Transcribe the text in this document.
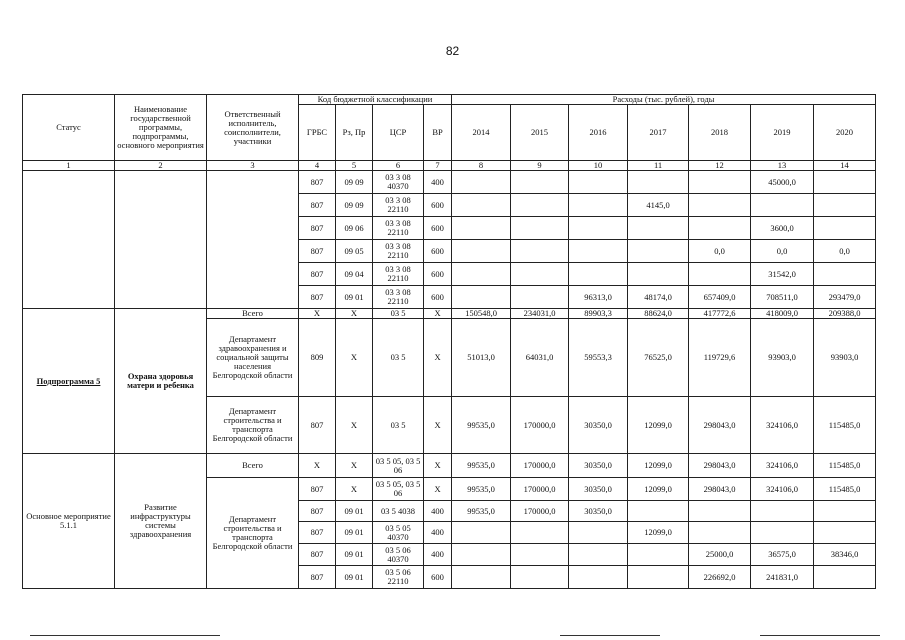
82
Статус	Наименование государственной программы, подпрограммы, основного мероприятия	Ответственный исполнитель, соисполнители, участники	Код бюджетной классификации				Расходы (тыс. рублей), годы						
			ГРБС	Рз, Пр	ЦСР	ВР	2014	2015	2016	2017	2018	2019	2020
1	2	3	4	5	6	7	8	9	10	11	12	13	14
			807	09 09	03 3 08 40370	400						45000,0	
			807	09 09	03 3 08 22110	600				4145,0			
			807	09 06	03 3 08 22110	600						3600,0	
			807	09 05	03 3 08 22110	600					0,0	0,0	0,0
			807	09 04	03 3 08 22110	600						31542,0	
			807	09 01	03 3 08 22110	600			96313,0	48174,0	657409,0	708511,0	293479,0
Подпрограмма 5	Охрана здоровья матери и ребенка	Всего	X	X	03 5	X	150548,0	234031,0	89903,3	88624,0	417772,6	418009,0	209388,0
		Департамент здравоохранения и социальной защиты населения Белгородской области	809	X	03 5	X	51013,0	64031,0	59553,3	76525,0	119729,6	93903,0	93903,0
		Департамент строительства и транспорта Белгородской области	807	X	03 5	X	99535,0	170000,0	30350,0	12099,0	298043,0	324106,0	115485,0
Основное мероприятие 5.1.1	Развитие инфраструктуры системы здравоохранения	Всего	X	X	03 5 05, 03 5 06	X	99535,0	170000,0	30350,0	12099,0	298043,0	324106,0	115485,0
		Департамент строительства и транспорта Белгородской области	807	X	03 5 05, 03 5 06	X	99535,0	170000,0	30350,0	12099,0	298043,0	324106,0	115485,0
			807	09 01	03 5 4038	400	99535,0	170000,0	30350,0				
			807	09 01	03 5 05 40370	400				12099,0			
			807	09 01	03 5 06 40370	400					25000,0	36575,0	38346,0
			807	09 01	03 5 06 22110	600					226692,0	241831,0	
